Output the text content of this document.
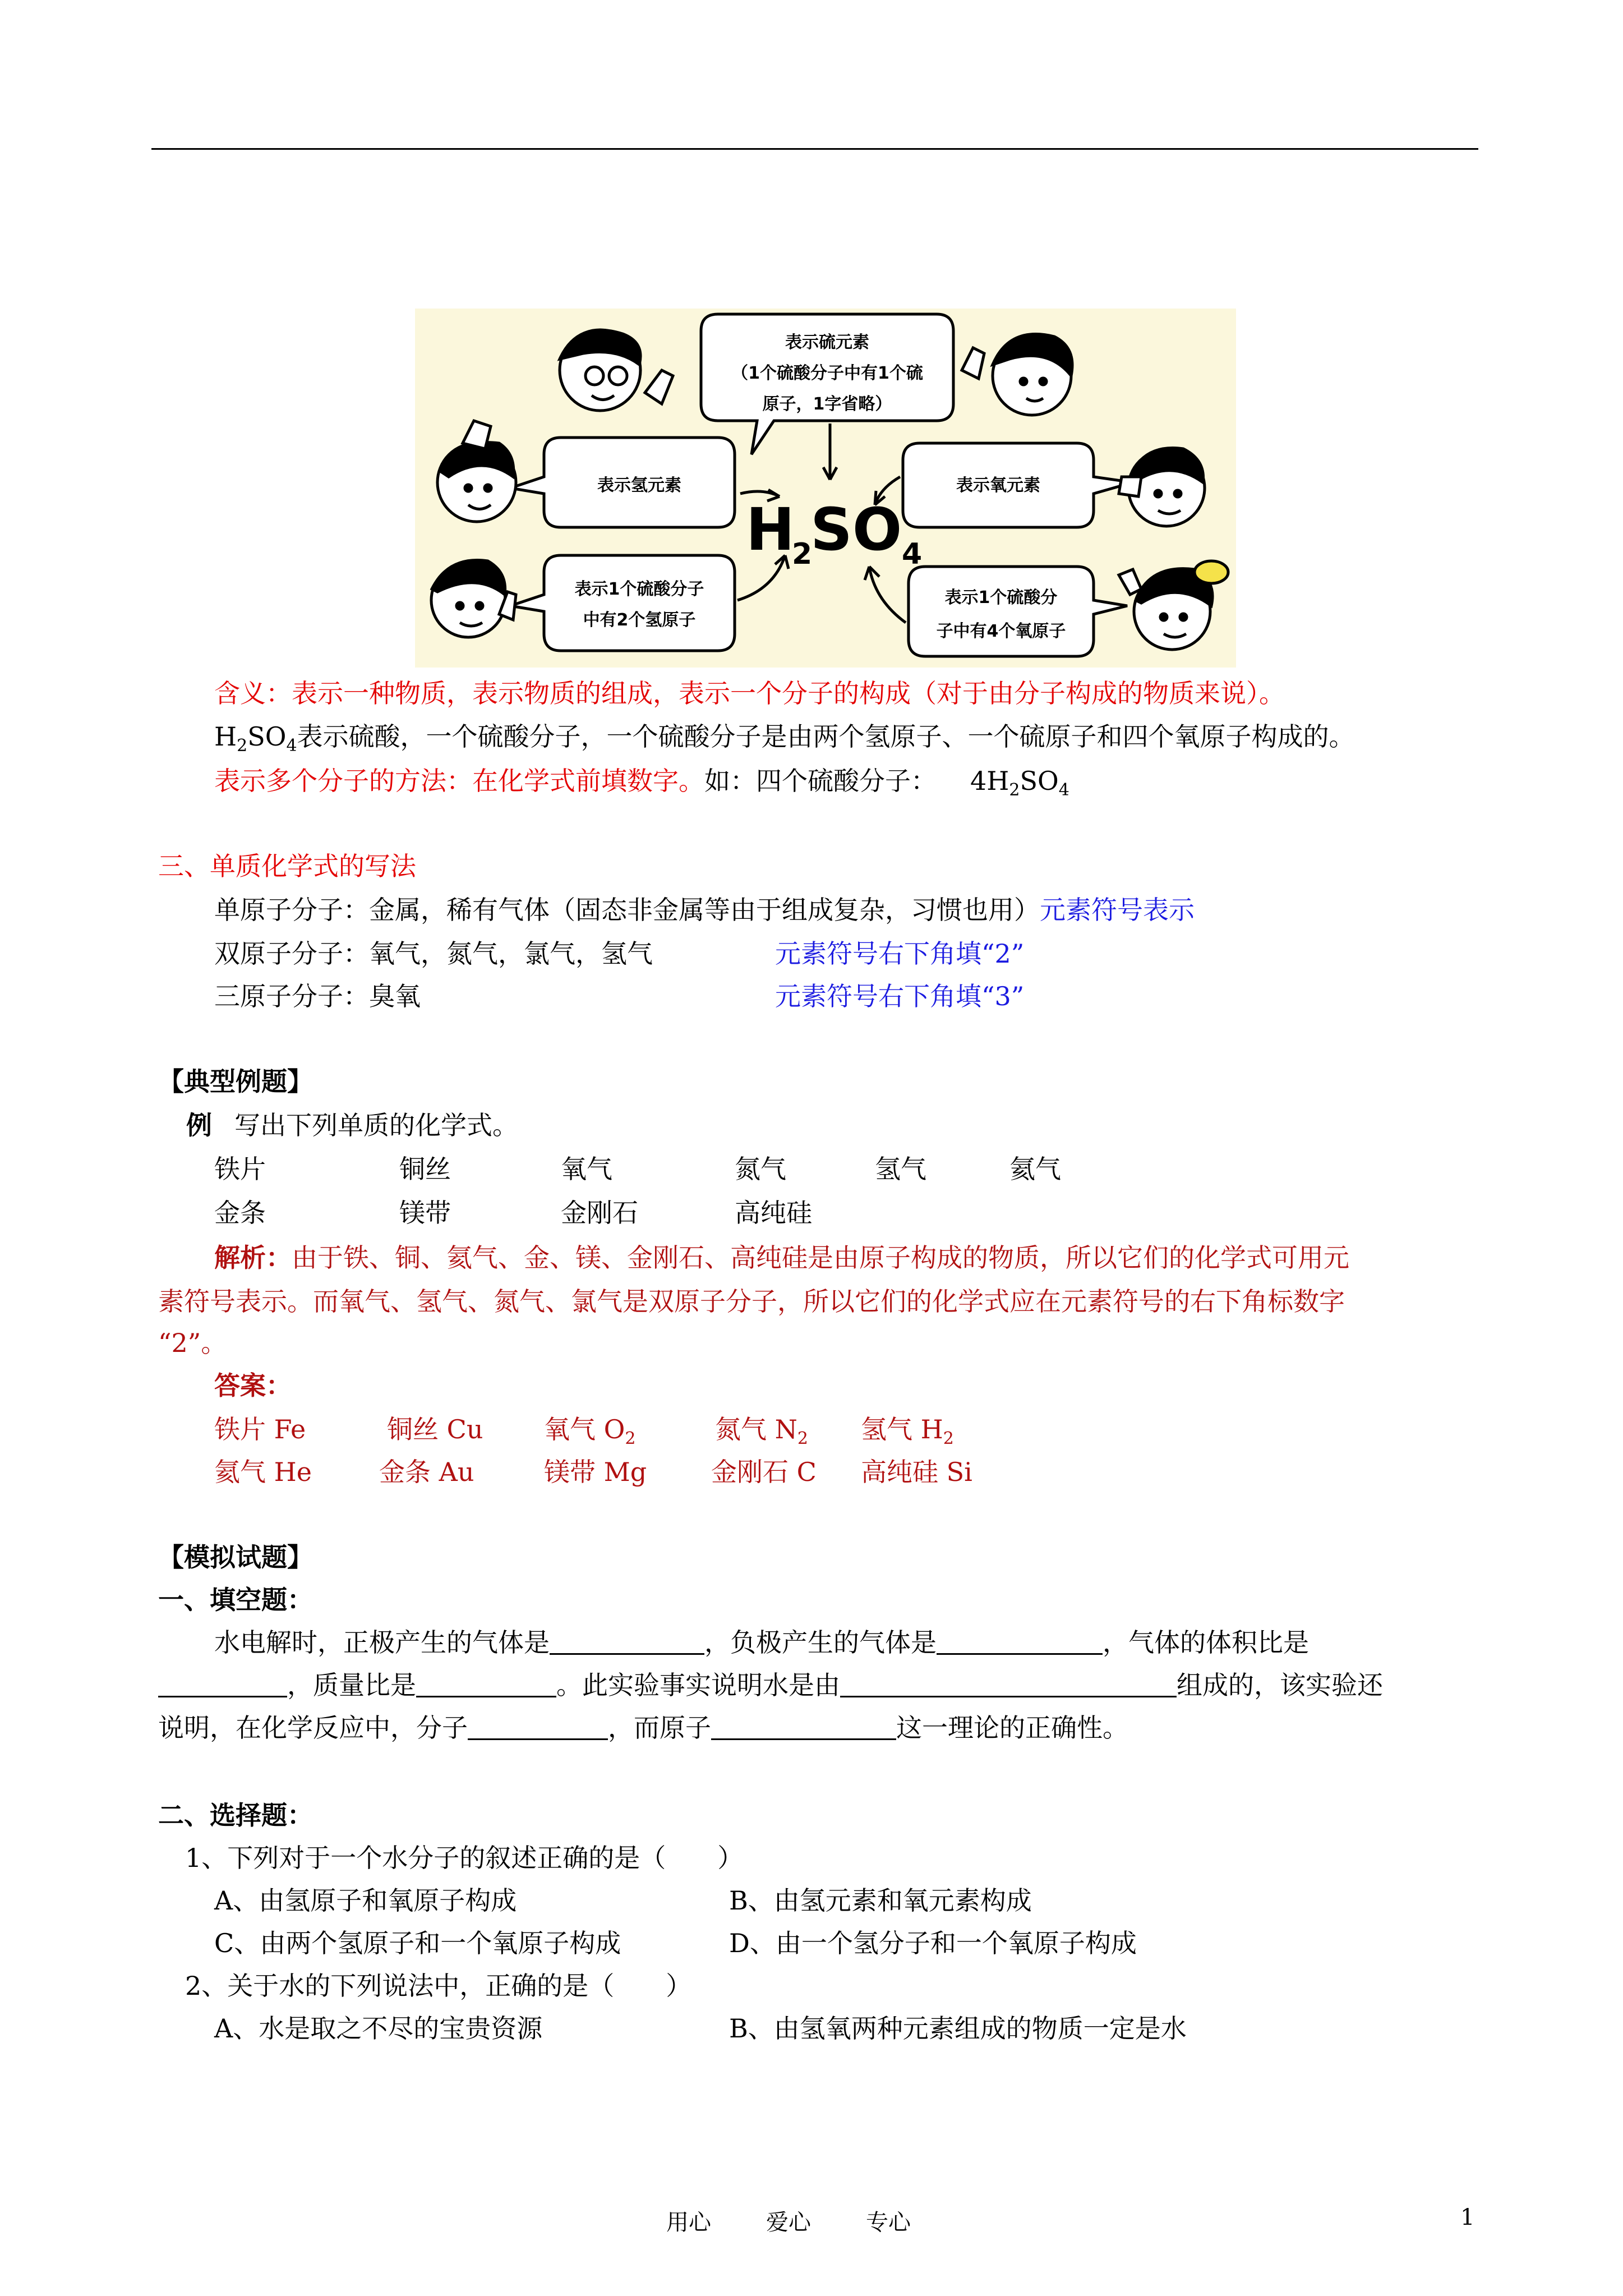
表示硫元素
（1个硫酸分子中有1个硫
原子，1字省略）
表示氢元素	表示氧元素
表示1个硫酸分子
中有2个氢原子
表示1个硫酸分
子中有4个氧原子
H
2
SO 4
含义：表示一种物质，表示物质的组成，表示一个分子的构成（对于由分子构成的物质来说）。
$H_2SO_4$表示硫酸，一个硫酸分子，一个硫酸分子是由两个氢原子、一个硫原子和四个氧原子构成的。
表示多个分子的方法：在化学式前填数字。如：四个硫酸分子： $4H_2SO_4$
三、单质化学式的写法
单原子分子：金属，稀有气体（固态非金属等由于组成复杂，习惯也用）元素符号表示
双原子分子：氧气，氮气，氯气，氢气	元素符号右下角填“2”
三原子分子：臭氧	元素符号右下角填“3”
【典型例题】
例 写出下列单质的化学式。
铁片	铜丝	氧气	氮气	氢气	氦气
金条	镁带	金刚石	高纯硅
解析：由于铁、铜、氦气、金、镁、金刚石、高纯硅是由原子构成的物质，所以它们的化学式可用元
素符号表示。而氧气、氢气、氮气、氯气是双原子分子，所以它们的化学式应在元素符号的右下角标数字
“2”。
答案：
铁片 Fe	铜丝 Cu 氧气 $O_2$	氮气 $N_2$ 氢气 $H_2$
氦气 He	金条 Au	镁带 Mg 金刚石 C 高纯硅 Si
【模拟试题】
一、填空题：
水电解时，正极产生的气体是	，负极产生的气体是	，气体的体积比是
，质量比是	。此实验事实说明水是由	组成的，该实验还
说明，在化学反应中，分子	，而原子	这一理论的正确性。
二、选择题：
1、下列对于一个水分子的叙述正确的是（　　）
A、由氢原子和氧原子构成	B、由氢元素和氧元素构成
C、由两个氢原子和一个氧原子构成	D、由一个氢分子和一个氧原子构成
2、关于水的下列说法中，正确的是（　　）
A、水是取之不尽的宝贵资源	B、由氢氧两种元素组成的物质一定是水
用心 爱心 专心	1
